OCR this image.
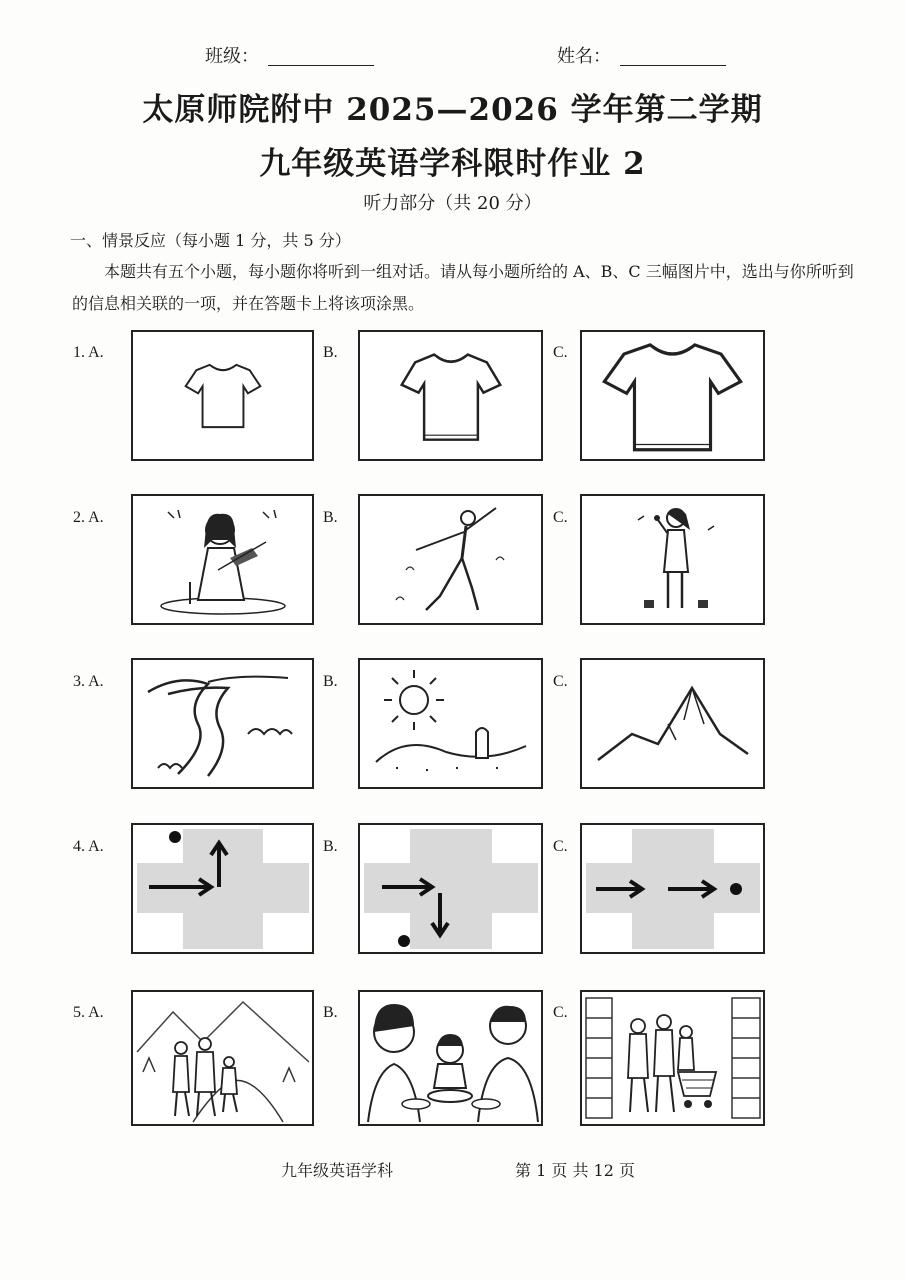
班级：	姓名：
太原师院附中 2025—2026 学年第二学期
九年级英语学科限时作业 2
听力部分（共 20 分）
一、情景反应（每小题 1 分，共 5 分）
本题共有五个小题，每小题你将听到一组对话。请从每小题所给的 A、B、C 三幅图片中，选出与你所听到的信息相关联的一项，并在答题卡上将该项涂黑。
1. A.	B.	C.
2. A.	B.	C.
3. A.	B.	C.
4. A.	B.	C.
5. A.	B.	C.
九年级英语学科	第 1 页 共 12 页
